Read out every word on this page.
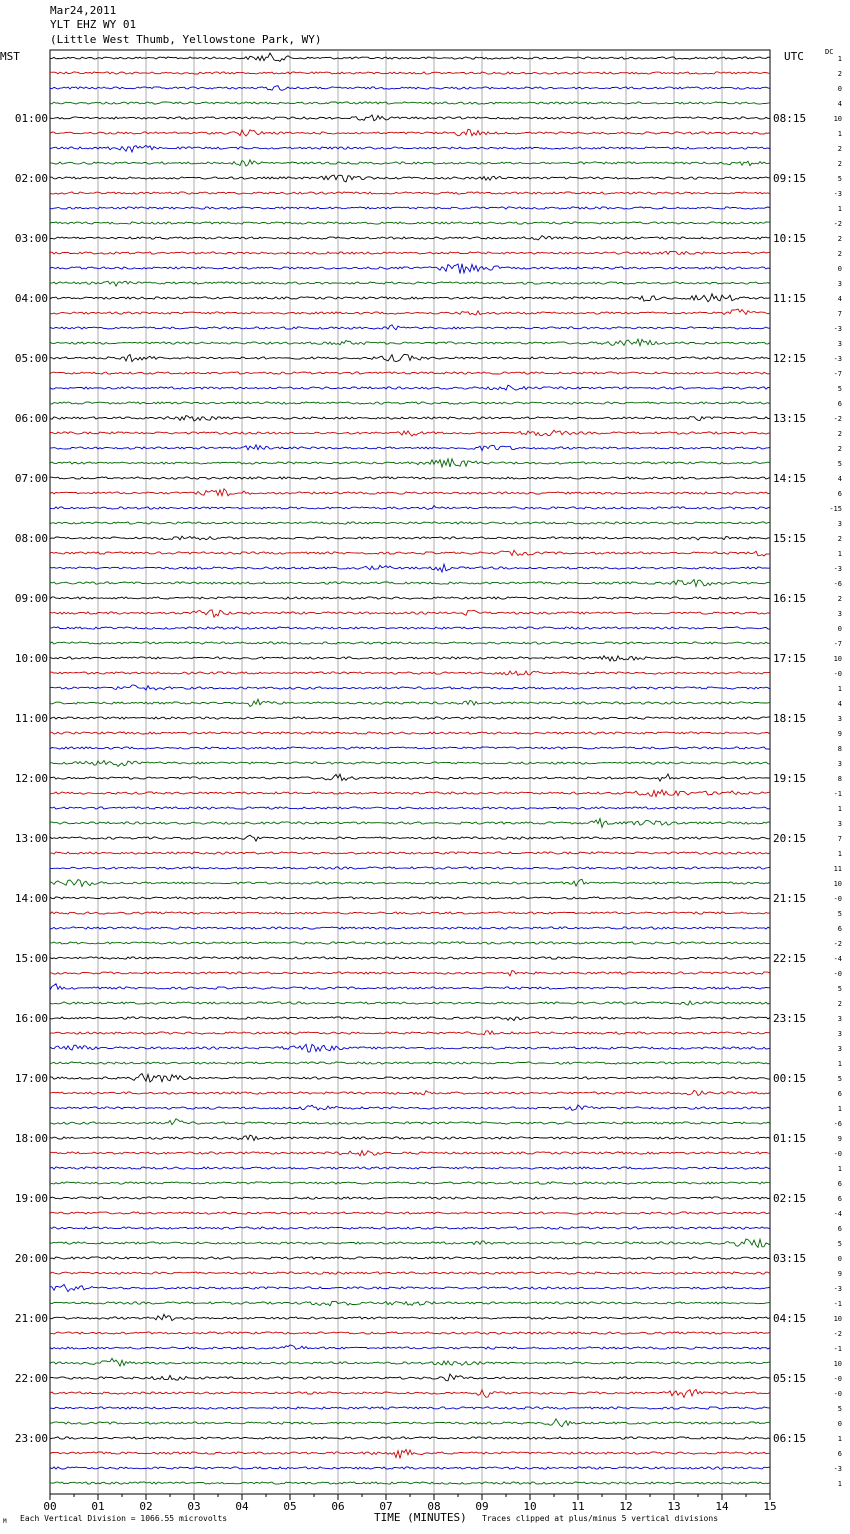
Mar24,2011
YLT EHZ WY 01
(Little West Thumb, Yellowstone Park, WY)
MST	UTC	DC
00	01	02	03	04	05	06	07	08	09	10	11	12	13	14	15
1
2
0
4
10
1
2
2
5
-3
1
-2
2
2
0
3
4
7
-3
3
-3
-7
5
6
-2
2
2
5
4
6
-15
3
2
1
-3
-6
2
3
0
-7
10
-0
1
4
3
9
8
3
8
-1
1
3
7
1
11
10
-0
5
6
-2
-4
-0
5
2
3
3
3
1
5
6
1
-6
9
-0
1
6
6
-4
6
5
0
9
-3
-1
10
-2
-1
10
-0
-0
5
0
1
6
-3
1
01:00
02:00
03:00
04:00
05:00
06:00
07:00
08:00
09:00
10:00
11:00
12:00
13:00
14:00
15:00
16:00
17:00
18:00
19:00
20:00
21:00
22:00
23:00
08:15
09:15
10:15
11:15
12:15
13:15
14:15
15:15
16:15
17:15
18:15
19:15
20:15
21:15
22:15
23:15
00:15
01:15
02:15
03:15
04:15
05:15
06:15
M Each Vertical Division = 1066.55 microvolts	TIME (MINUTES) Traces clipped at plus/minus 5 vertical divisions
